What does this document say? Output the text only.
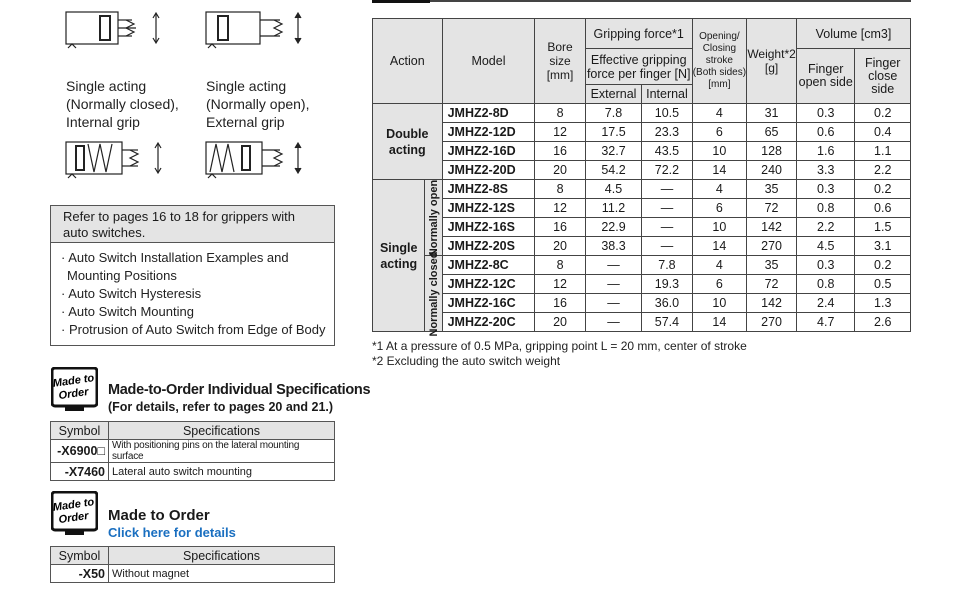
Single acting
(Normally closed),
Internal grip
Single acting
(Normally open),
External grip
Refer to pages 16 to 18 for grippers with auto switches.
· Auto Switch Installation Examples and Mounting Positions
· Auto Switch Hysteresis
· Auto Switch Mounting
· Protrusion of Auto Switch from Edge of Body
Made to
Order Made-to-Order Individual Specifications
(For details, refer to pages 20 and 21.)
Symbol	Specifications
-X6900□	With positioning pins on the lateral mounting surface
-X7460	Lateral auto switch mounting
Made to
Order Made to Order
Click here for details
Symbol	Specifications
-X50	Without magnet
Action		Model	Bore size [mm]	Gripping force*1		Opening/ Closing stroke (Both sides) [mm]	Weight*2 [g]	Volume [cm3]	
				Effective gripping force per finger [N]				Finger open side	Finger close side
				External	Internal				
Double acting		JMHZ2-8D	8	7.8	10.5	4	31	0.3	0.2
		JMHZ2-12D	12	17.5	23.3	6	65	0.6	0.4
		JMHZ2-16D	16	32.7	43.5	10	128	1.6	1.1
		JMHZ2-20D	20	54.2	72.2	14	240	3.3	2.2
Single acting	Normally open	JMHZ2-8S	8	4.5	—	4	35	0.3	0.2
		JMHZ2-12S	12	11.2	—	6	72	0.8	0.6
		JMHZ2-16S	16	22.9	—	10	142	2.2	1.5
		JMHZ2-20S	20	38.3	—	14	270	4.5	3.1

	Normally closed	JMHZ2-8C	8	—	7.8	4	35	0.3	0.2
		JMHZ2-12C	12	—	19.3	6	72	0.8	0.5
		JMHZ2-16C	16	—	36.0	10	142	2.4	1.3
		JMHZ2-20C	20	—	57.4	14	270	4.7	2.6
*1 At a pressure of 0.5 MPa, gripping point L = 20 mm, center of stroke
*2 Excluding the auto switch weight
